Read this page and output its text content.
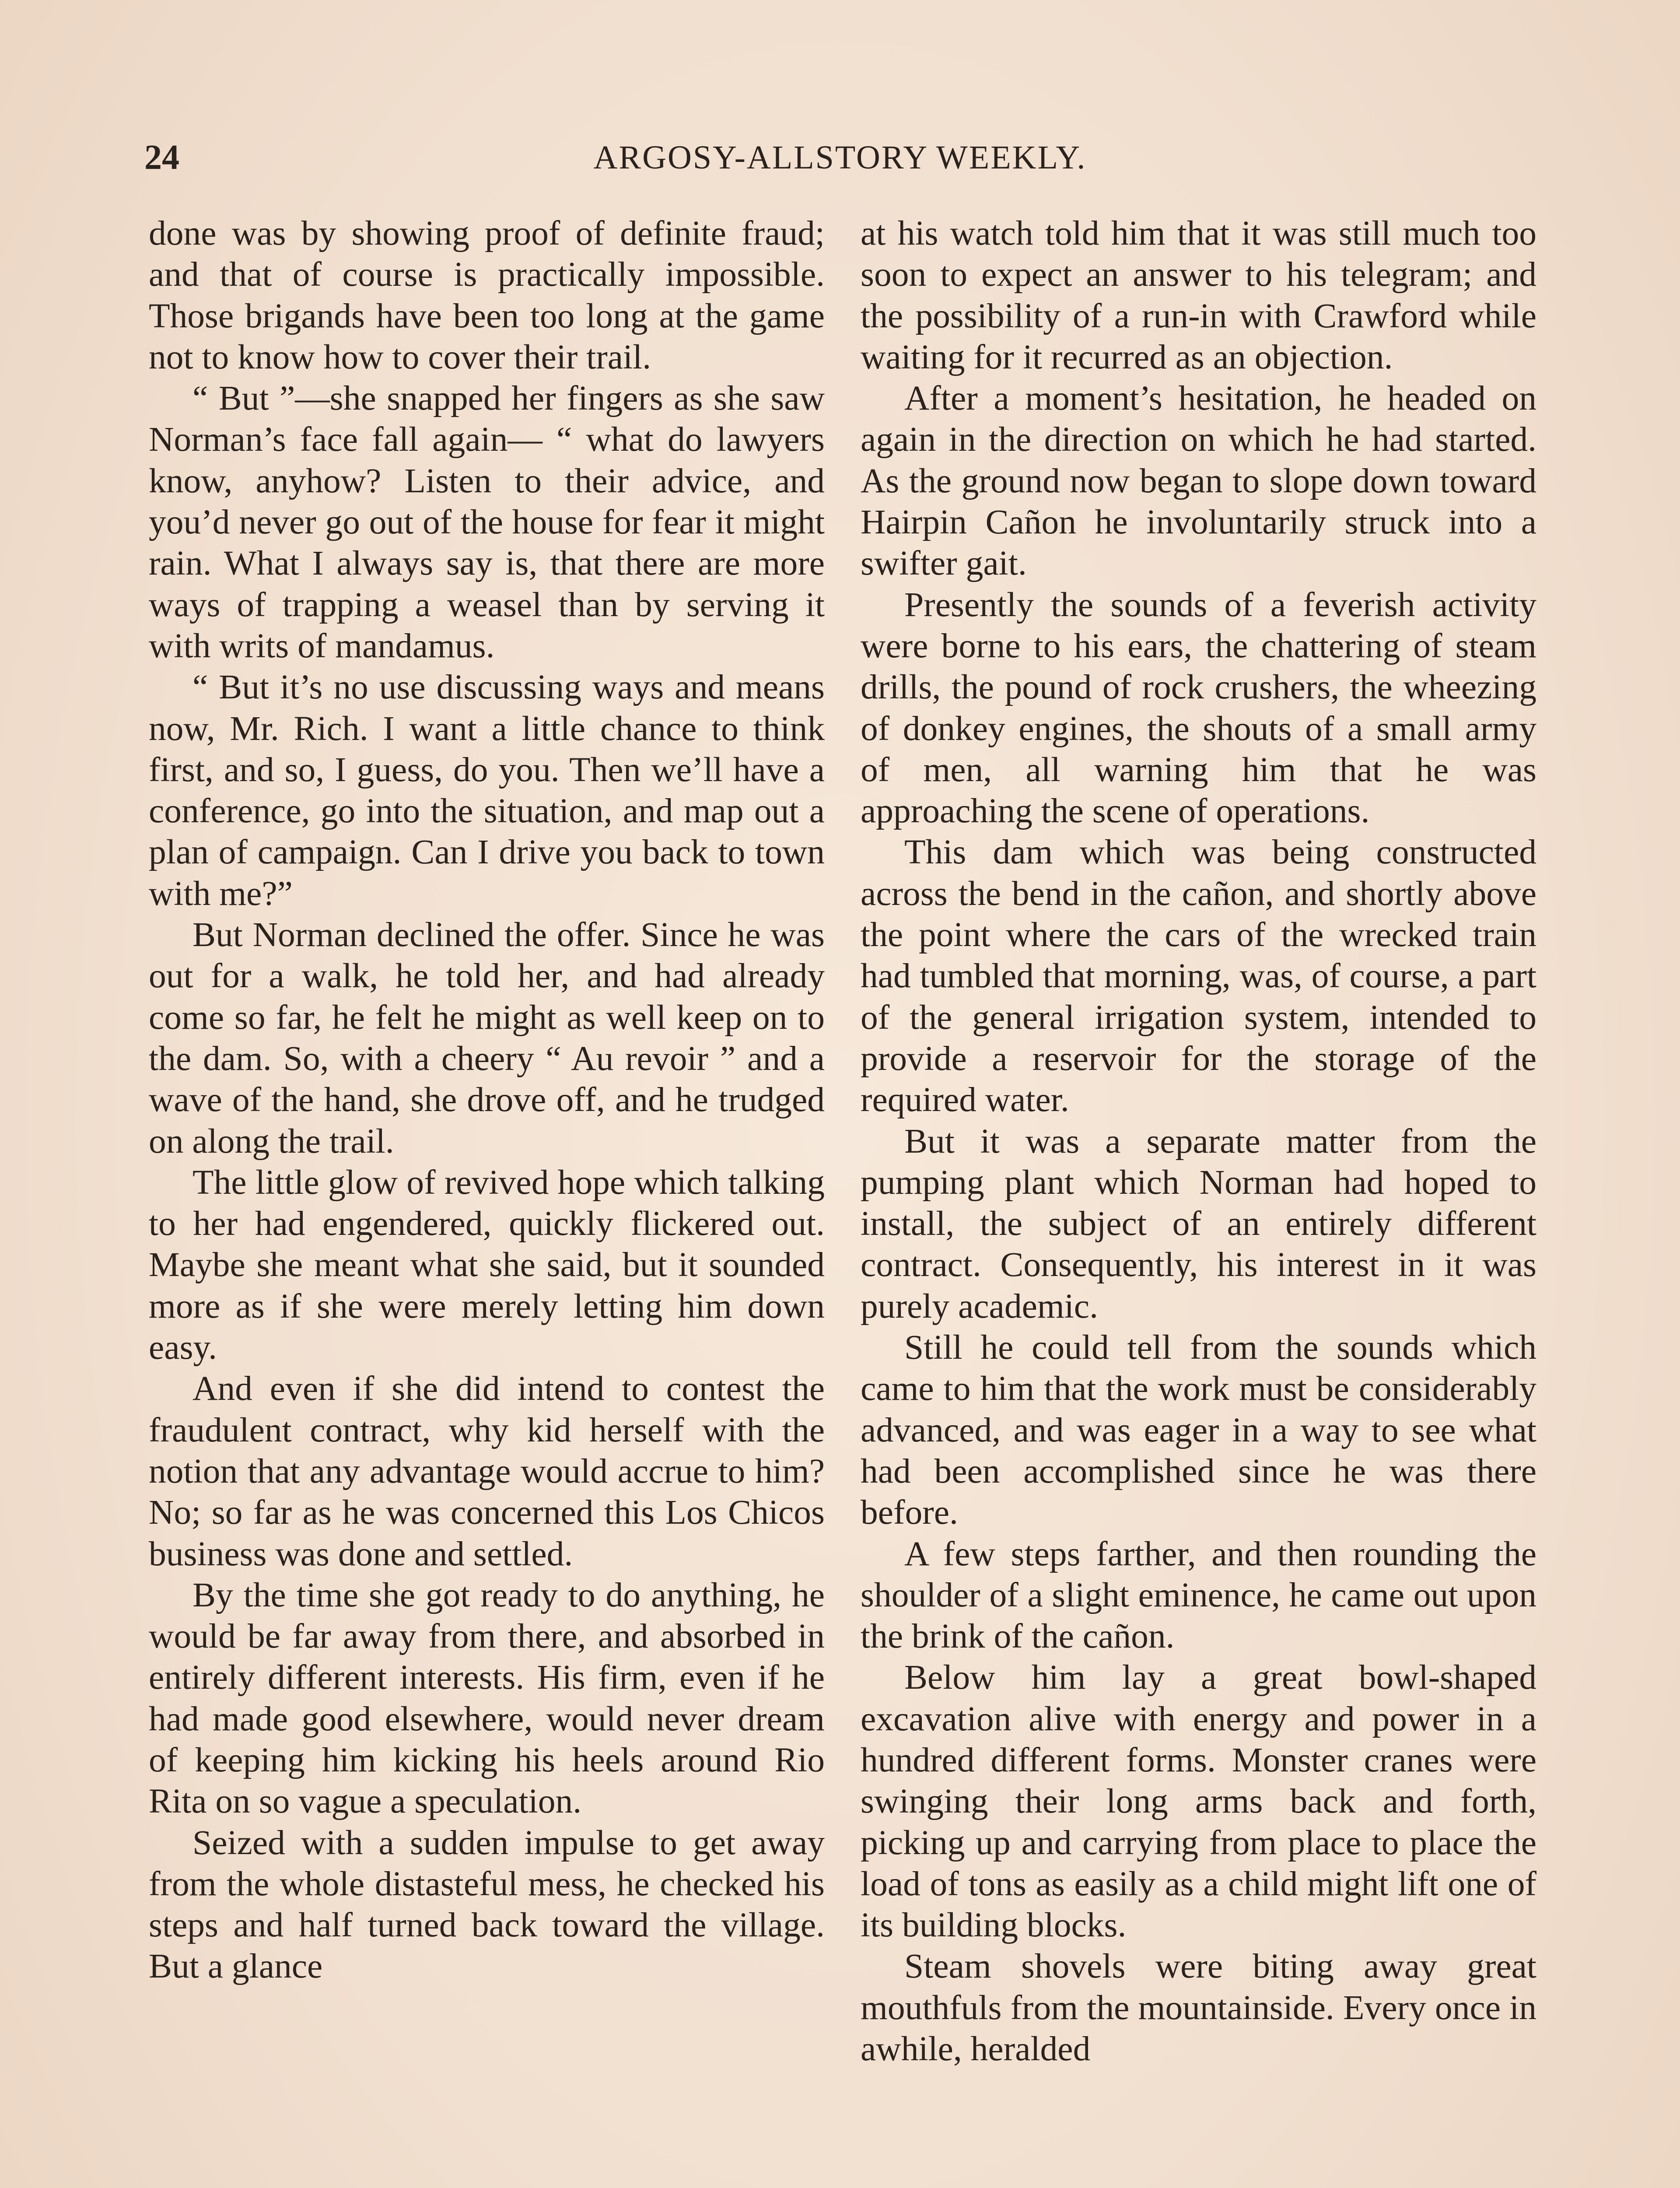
24	ARGOSY-ALLSTORY WEEKLY.

done was by showing proof of definite fraud; and that of course is practically impossible. Those brigands have been too long at the game not to know how to cover their trail.

“ But ”—she snapped her fingers as she saw Norman’s face fall again— “ what do lawyers know, anyhow? Listen to their advice, and you’d never go out of the house for fear it might rain. What I always say is, that there are more ways of trapping a weasel than by serving it with writs of mandamus.

“ But it’s no use discussing ways and means now, Mr. Rich. I want a little chance to think first, and so, I guess, do you. Then we’ll have a conference, go into the situation, and map out a plan of campaign. Can I drive you back to town with me?”

But Norman declined the offer. Since he was out for a walk, he told her, and had already come so far, he felt he might as well keep on to the dam. So, with a cheery “ Au revoir ” and a wave of the hand, she drove off, and he trudged on along the trail.

The little glow of revived hope which talking to her had engendered, quickly flickered out. Maybe she meant what she said, but it sounded more as if she were merely letting him down easy.

And even if she did intend to contest the fraudulent contract, why kid herself with the notion that any advantage would accrue to him? No; so far as he was concerned this Los Chicos business was done and settled.

By the time she got ready to do anything, he would be far away from there, and absorbed in entirely different interests. His firm, even if he had made good elsewhere, would never dream of keeping him kicking his heels around Rio Rita on so vague a speculation.

Seized with a sudden impulse to get away from the whole distasteful mess, he checked his steps and half turned back toward the village. But a glance

at his watch told him that it was still much too soon to expect an answer to his telegram; and the possibility of a run-in with Crawford while waiting for it recurred as an objection.

After a moment’s hesitation, he headed on again in the direction on which he had started. As the ground now began to slope down toward Hairpin Cañon he involuntarily struck into a swifter gait.

Presently the sounds of a feverish activity were borne to his ears, the chattering of steam drills, the pound of rock crushers, the wheezing of donkey engines, the shouts of a small army of men, all warning him that he was approaching the scene of operations.

This dam which was being constructed across the bend in the cañon, and shortly above the point where the cars of the wrecked train had tumbled that morning, was, of course, a part of the general irrigation system, intended to provide a reservoir for the storage of the required water.

But it was a separate matter from the pumping plant which Norman had hoped to install, the subject of an entirely different contract. Consequently, his interest in it was purely academic.

Still he could tell from the sounds which came to him that the work must be considerably advanced, and was eager in a way to see what had been accomplished since he was there before.

A few steps farther, and then rounding the shoulder of a slight eminence, he came out upon the brink of the cañon.

Below him lay a great bowl-shaped excavation alive with energy and power in a hundred different forms. Monster cranes were swinging their long arms back and forth, picking up and carrying from place to place the load of tons as easily as a child might lift one of its building blocks.

Steam shovels were biting away great mouthfuls from the mountainside. Every once in awhile, heralded
